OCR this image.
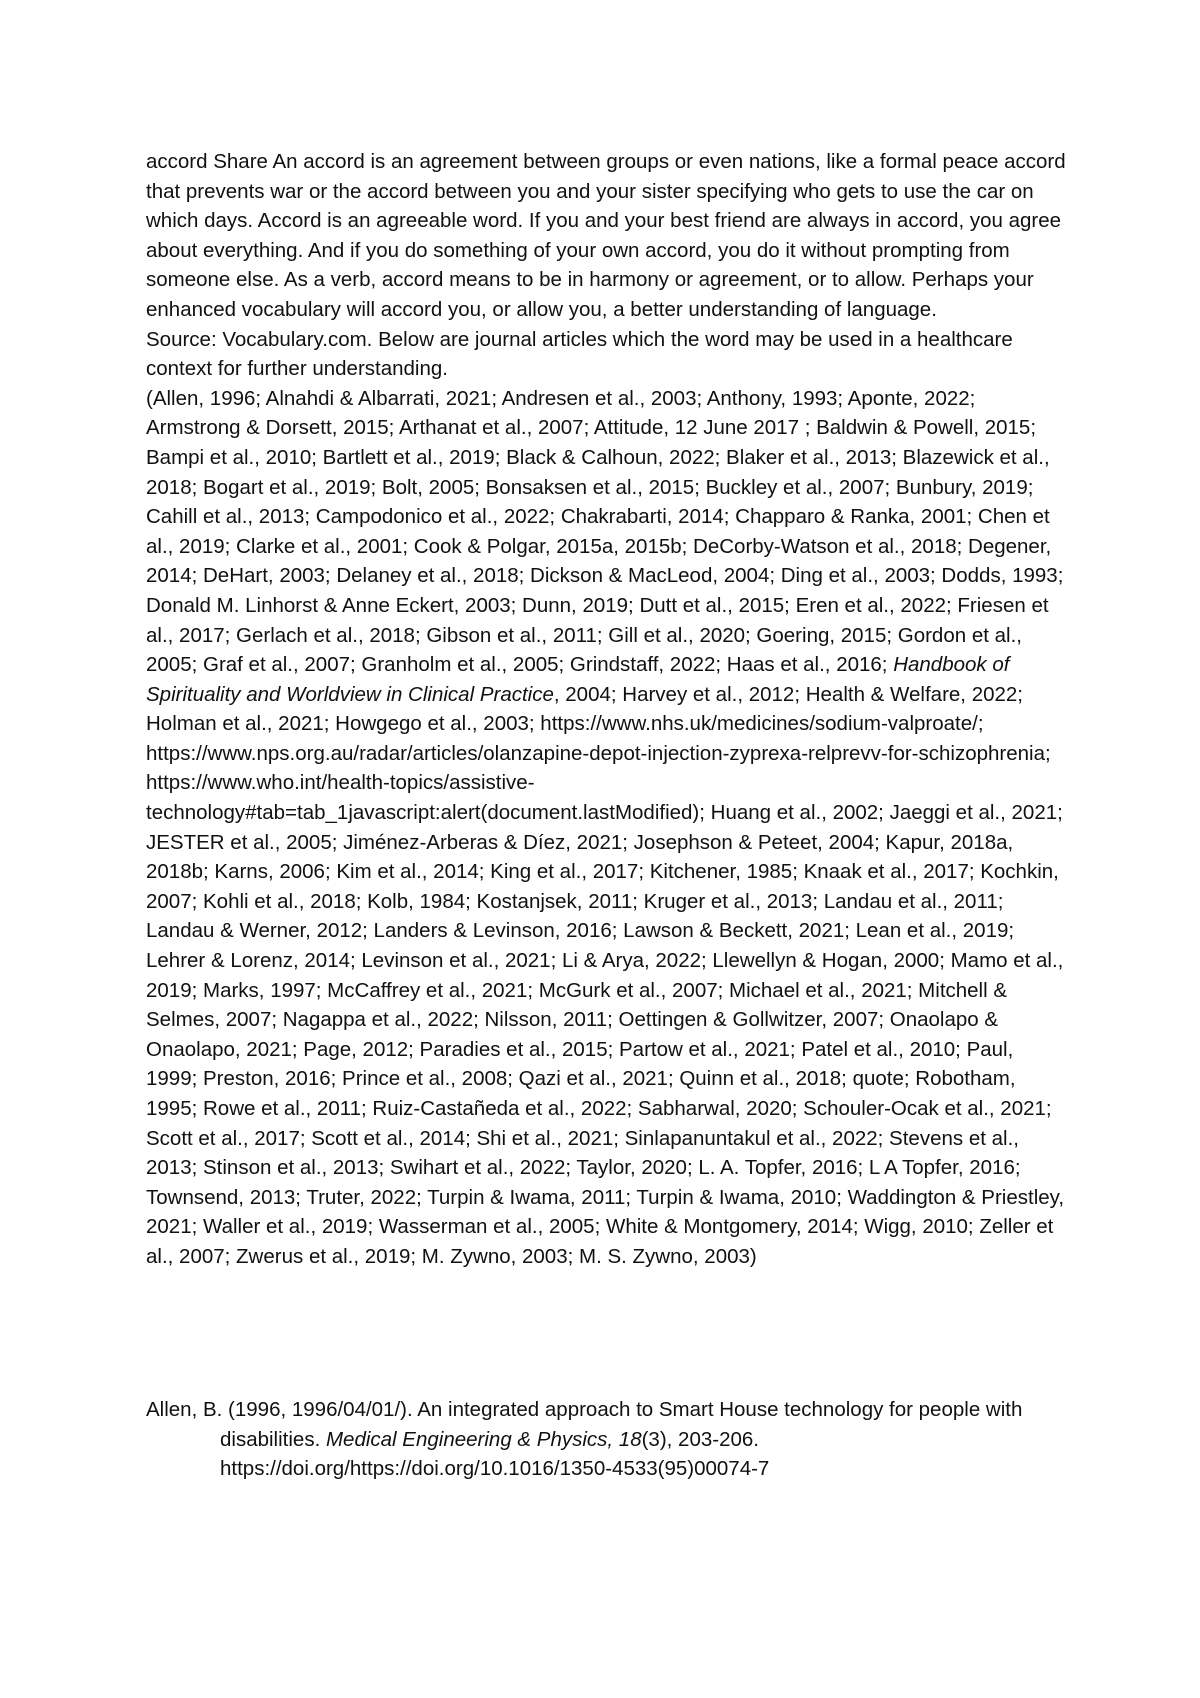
accord Share An accord is an agreement between groups or even nations, like a formal peace accord that prevents war or the accord between you and your sister specifying who gets to use the car on which days. Accord is an agreeable word. If you and your best friend are always in accord, you agree about everything. And if you do something of your own accord, you do it without prompting from someone else. As a verb, accord means to be in harmony or agreement, or to allow. Perhaps your enhanced vocabulary will accord you, or allow you, a better understanding of language.

Source: Vocabulary.com. Below are journal articles which the word may be used in a healthcare context for further understanding.

(Allen, 1996; Alnahdi & Albarrati, 2021; Andresen et al., 2003; Anthony, 1993; Aponte, 2022; Armstrong & Dorsett, 2015; Arthanat et al., 2007; Attitude, 12 June 2017 ; Baldwin & Powell, 2015; Bampi et al., 2010; Bartlett et al., 2019; Black & Calhoun, 2022; Blaker et al., 2013; Blazewick et al., 2018; Bogart et al., 2019; Bolt, 2005; Bonsaksen et al., 2015; Buckley et al., 2007; Bunbury, 2019; Cahill et al., 2013; Campodonico et al., 2022; Chakrabarti, 2014; Chapparo & Ranka, 2001; Chen et al., 2019; Clarke et al., 2001; Cook & Polgar, 2015a, 2015b; DeCorby-Watson et al., 2018; Degener, 2014; DeHart, 2003; Delaney et al., 2018; Dickson & MacLeod, 2004; Ding et al., 2003; Dodds, 1993; Donald M. Linhorst & Anne Eckert, 2003; Dunn, 2019; Dutt et al., 2015; Eren et al., 2022; Friesen et al., 2017; Gerlach et al., 2018; Gibson et al., 2011; Gill et al., 2020; Goering, 2015; Gordon et al., 2005; Graf et al., 2007; Granholm et al., 2005; Grindstaff, 2022; Haas et al., 2016; Handbook of Spirituality and Worldview in Clinical Practice, 2004; Harvey et al., 2012; Health & Welfare, 2022; Holman et al., 2021; Howgego et al., 2003; https://www.nhs.uk/medicines/sodium-valproate/; https://www.nps.org.au/radar/articles/olanzapine-depot-injection-zyprexa-relprevv-for-schizophrenia; https://www.who.int/health-topics/assistive-technology#tab=tab_1javascript:alert(document.lastModified); Huang et al., 2002; Jaeggi et al., 2021; JESTER et al., 2005; Jiménez-Arberas & Díez, 2021; Josephson & Peteet, 2004; Kapur, 2018a, 2018b; Karns, 2006; Kim et al., 2014; King et al., 2017; Kitchener, 1985; Knaak et al., 2017; Kochkin, 2007; Kohli et al., 2018; Kolb, 1984; Kostanjsek, 2011; Kruger et al., 2013; Landau et al., 2011; Landau & Werner, 2012; Landers & Levinson, 2016; Lawson & Beckett, 2021; Lean et al., 2019; Lehrer & Lorenz, 2014; Levinson et al., 2021; Li & Arya, 2022; Llewellyn & Hogan, 2000; Mamo et al., 2019; Marks, 1997; McCaffrey et al., 2021; McGurk et al., 2007; Michael et al., 2021; Mitchell & Selmes, 2007; Nagappa et al., 2022; Nilsson, 2011; Oettingen & Gollwitzer, 2007; Onaolapo & Onaolapo, 2021; Page, 2012; Paradies et al., 2015; Partow et al., 2021; Patel et al., 2010; Paul, 1999; Preston, 2016; Prince et al., 2008; Qazi et al., 2021; Quinn et al., 2018; quote; Robotham, 1995; Rowe et al., 2011; Ruiz-Castañeda et al., 2022; Sabharwal, 2020; Schouler-Ocak et al., 2021; Scott et al., 2017; Scott et al., 2014; Shi et al., 2021; Sinlapanuntakul et al., 2022; Stevens et al., 2013; Stinson et al., 2013; Swihart et al., 2022; Taylor, 2020; L. A. Topfer, 2016; L A Topfer, 2016; Townsend, 2013; Truter, 2022; Turpin & Iwama, 2011; Turpin & Iwama, 2010; Waddington & Priestley, 2021; Waller et al., 2019; Wasserman et al., 2005; White & Montgomery, 2014; Wigg, 2010; Zeller et al., 2007; Zwerus et al., 2019; M. Zywno, 2003; M. S. Zywno, 2003)

Allen, B. (1996, 1996/04/01/). An integrated approach to Smart House technology for people with disabilities. Medical Engineering & Physics, 18(3), 203-206. https://doi.org/https://doi.org/10.1016/1350-4533(95)00074-7
